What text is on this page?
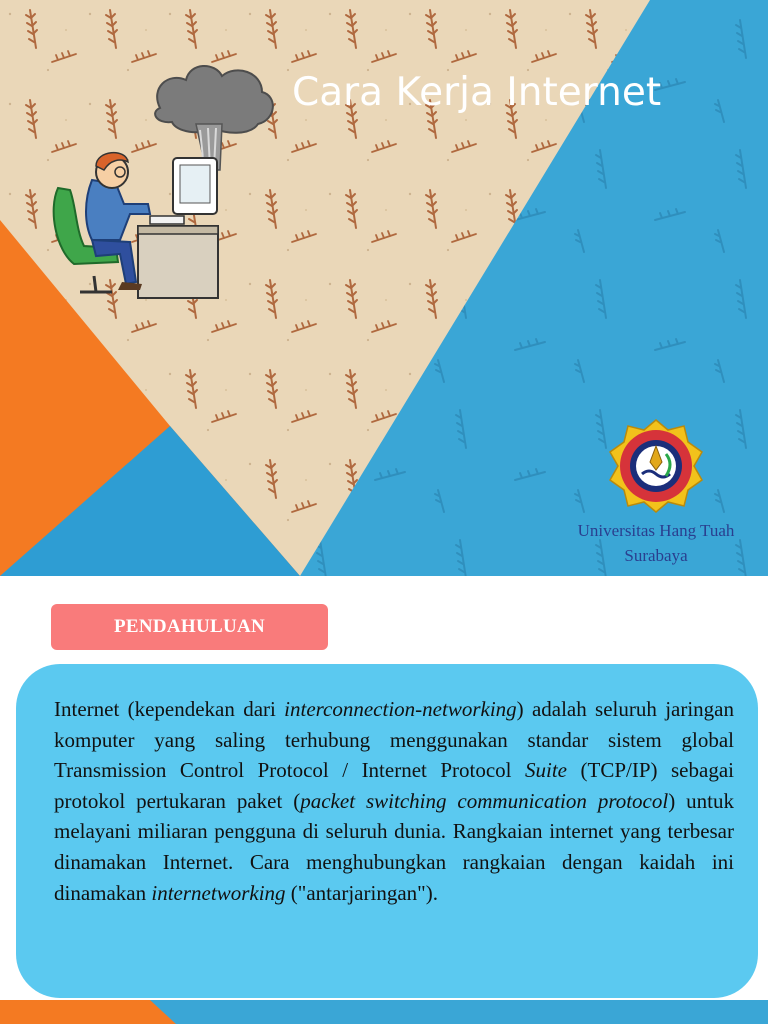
Cara Kerja Internet
Universitas Hang Tuah
Surabaya
PENDAHULUAN
Internet (kependekan dari interconnection-networking) adalah seluruh jaringan komputer yang saling terhubung menggunakan standar sistem global Transmission Control Protocol / Internet Protocol Suite (TCP/IP) sebagai protokol pertukaran paket (packet switching communication protocol) untuk melayani miliaran pengguna di seluruh dunia. Rangkaian internet yang terbesar dinamakan Internet. Cara menghubungkan rangkaian dengan kaidah ini dinamakan internetworking ("antarjaringan").
